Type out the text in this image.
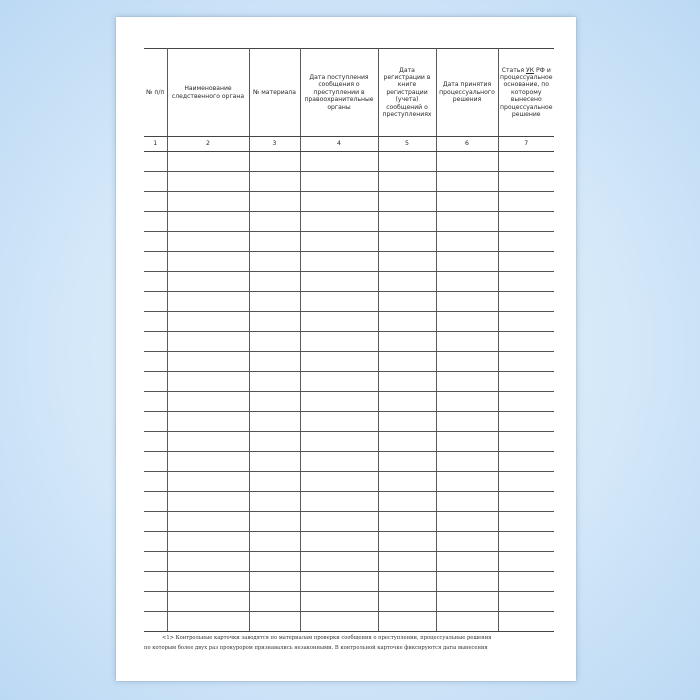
№ п/п	Наименование следственного органа	№ материала	Дата поступления сообщения о преступлении в правоохранительные органы	Дата регистрации в книге регистрации (учета) сообщений о преступлениях	Дата принятия процессуального решения	Статья УК РФ и процессуальное основание, по которому вынесено процессуальное решение
1	2	3	4	5	6	7

<1> Контрольные карточки заводятся по материалам проверки сообщения о преступлении, процессуальные решения
по которым более двух раз прокурором признавались незаконными. В контрольной карточке фиксируются даты вынесения
